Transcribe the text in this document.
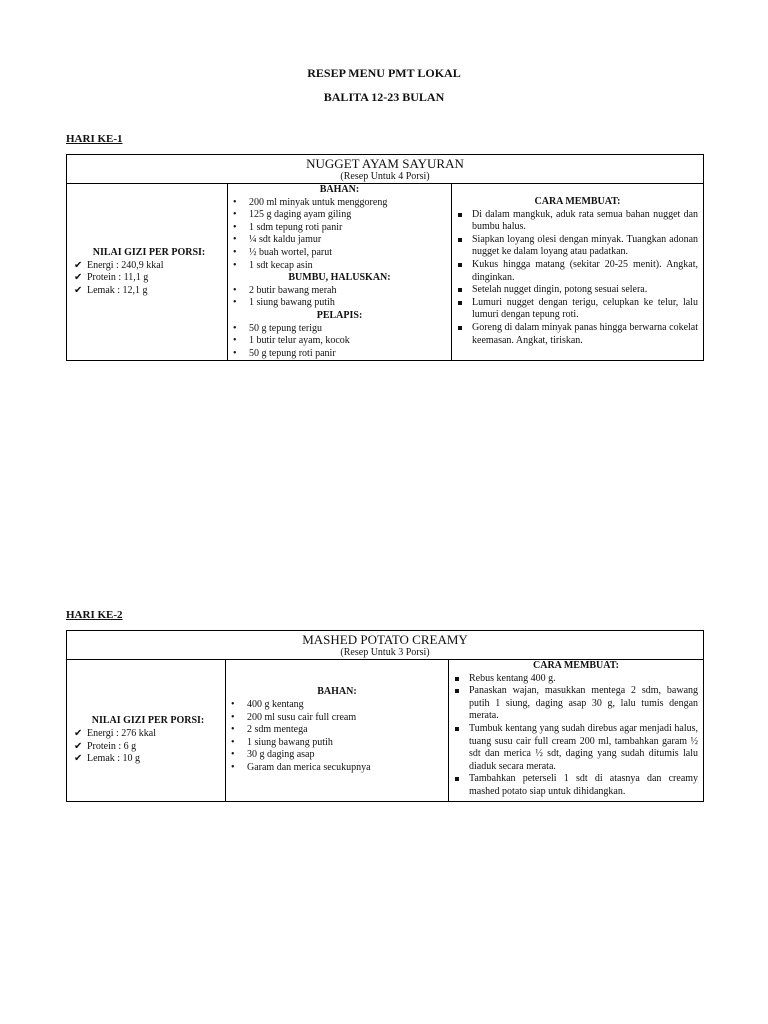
RESEP MENU PMT LOKAL
BALITA 12-23 BULAN
HARI KE-1
NUGGET AYAM SAYURAN
(Resep Untuk 4 Porsi)

NILAI GIZI PER PORSI:
✔ Energi : 240,9 kkal
✔ Protein : 11,1 g
✔ Lemak : 12,1 g

BAHAN:
• 200 ml minyak untuk menggoreng
• 125 g daging ayam giling
• 1 sdm tepung roti panir
• ¼ sdt kaldu jamur
• ½ buah wortel, parut
• 1 sdt kecap asin
BUMBU, HALUSKAN:
• 2 butir bawang merah
• 1 siung bawang putih
PELAPIS:
• 50 g tepung terigu
• 1 butir telur ayam, kocok
• 50 g tepung roti panir

CARA MEMBUAT:
Di dalam mangkuk, aduk rata semua bahan nugget dan bumbu halus.
Siapkan loyang olesi dengan minyak. Tuangkan adonan nugget ke dalam loyang atau padatkan.
Kukus hingga matang (sekitar 20-25 menit). Angkat, dinginkan.
Setelah nugget dingin, potong sesuai selera.
Lumuri nugget dengan terigu, celupkan ke telur, lalu lumuri dengan tepung roti.
Goreng di dalam minyak panas hingga berwarna cokelat keemasan. Angkat, tiriskan.
HARI KE-2
MASHED POTATO CREAMY
(Resep Untuk 3 Porsi)

NILAI GIZI PER PORSI:
✔ Energi : 276 kkal
✔ Protein : 6 g
✔ Lemak : 10 g

BAHAN:
• 400 g kentang
• 200 ml susu cair full cream
• 2 sdm mentega
• 1 siung bawang putih
• 30 g daging asap
• Garam dan merica secukupnya

CARA MEMBUAT:
Rebus kentang 400 g.
Panaskan wajan, masukkan mentega 2 sdm, bawang putih 1 siung, daging asap 30 g, lalu tumis dengan merata.
Tumbuk kentang yang sudah direbus agar menjadi halus, tuang susu cair full cream 200 ml, tambahkan garam ½ sdt dan merica ½ sdt, daging yang sudah ditumis lalu diaduk secara merata.
Tambahkan peterseli 1 sdt di atasnya dan creamy mashed potato siap untuk dihidangkan.
